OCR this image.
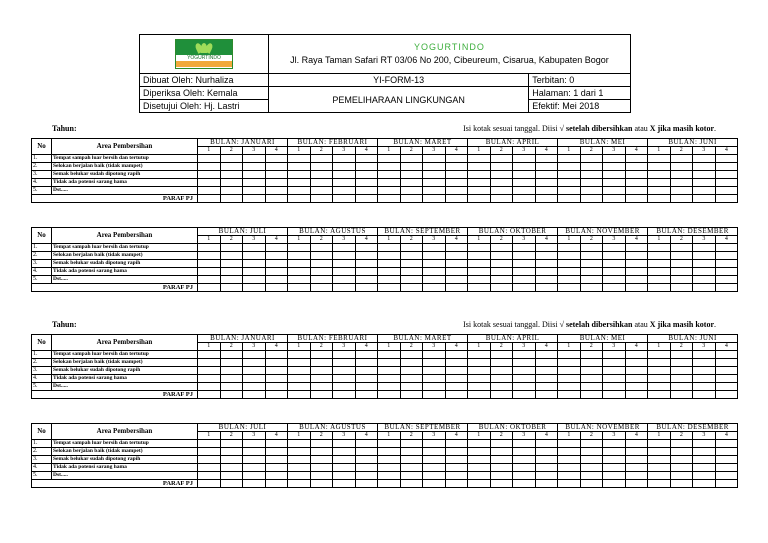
YOGURTINDO	YOGURTINDO
Jl. Raya Taman Safari RT 03/06 No 200, Cibeureum, Cisarua, Kabupaten Bogor	

Dibuat Oleh: Nurhaliza	YI-FORM-13	Terbitan: 0
Diperiksa Oleh: Kemala	PEMELIHARAAN LINGKUNGAN	Halaman: 1 dari 1
Disetujui Oleh: Hj. Lastri		Efektif: Mei 2018
Tahun:	Isi kotak sesuai tanggal. Diisi √ setelah dibersihkan atau X jika masih kotor.
No	Area Pembersihan	BULAN: JANUARI				BULAN: FEBRUARI				BULAN: MARET				BULAN: APRIL				BULAN: MEI				BULAN: JUNI			
		1	2	3	4	1	2	3	4	1	2	3	4	1	2	3	4	1	2	3	4	1	2	3	4
1.	Tempat sampah luar bersih dan tertutup																								
2.	Selokan berjalan baik (tidak mampet)																								
3.	Semak belukar sudah dipotong rapih																								
4.	Tidak ada potensi sarang hama																								
5.	Dst.....																								
PARAF PJ																									
No	Area Pembersihan	BULAN: JULI				BULAN: AGUSTUS				BULAN: SEPTEMBER				BULAN: OKTOBER				BULAN: NOVEMBER				BULAN: DESEMBER			
		1	2	3	4	1	2	3	4	1	2	3	4	1	2	3	4	1	2	3	4	1	2	3	4
1.	Tempat sampah luar bersih dan tertutup																								
2.	Selokan berjalan baik (tidak mampet)																								
3.	Semak belukar sudah dipotong rapih																								
4.	Tidak ada potensi sarang hama																								
5.	Dst.....																								
PARAF PJ																									
Tahun:	Isi kotak sesuai tanggal. Diisi √ setelah dibersihkan atau X jika masih kotor.
No	Area Pembersihan	BULAN: JANUARI				BULAN: FEBRUARI				BULAN: MARET				BULAN: APRIL				BULAN: MEI				BULAN: JUNI			
		1	2	3	4	1	2	3	4	1	2	3	4	1	2	3	4	1	2	3	4	1	2	3	4
1.	Tempat sampah luar bersih dan tertutup																								
2.	Selokan berjalan baik (tidak mampet)																								
3.	Semak belukar sudah dipotong rapih																								
4.	Tidak ada potensi sarang hama																								
5.	Dst.....																								
PARAF PJ																									
No	Area Pembersihan	BULAN: JULI				BULAN: AGUSTUS				BULAN: SEPTEMBER				BULAN: OKTOBER				BULAN: NOVEMBER				BULAN: DESEMBER			
		1	2	3	4	1	2	3	4	1	2	3	4	1	2	3	4	1	2	3	4	1	2	3	4
1.	Tempat sampah luar bersih dan tertutup																								
2.	Selokan berjalan baik (tidak mampet)																								
3.	Semak belukar sudah dipotong rapih																								
4.	Tidak ada potensi sarang hama																								
5.	Dst.....																								
PARAF PJ																									
